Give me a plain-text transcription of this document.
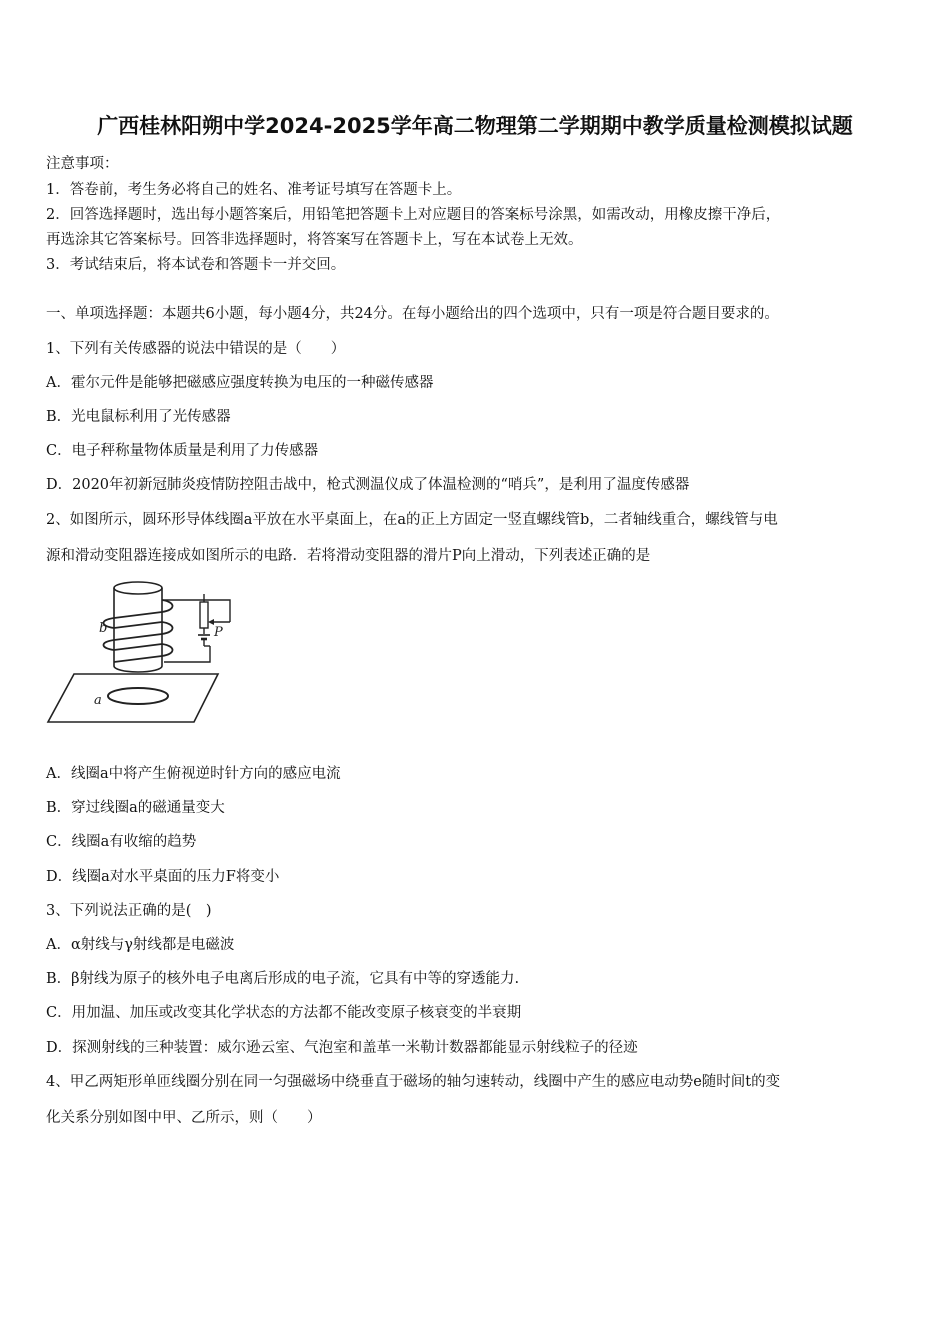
广西桂林阳朔中学2024-2025学年高二物理第二学期期中教学质量检测模拟试题
注意事项：
1．答卷前，考生务必将自己的姓名、准考证号填写在答题卡上。
2．回答选择题时，选出每小题答案后，用铅笔把答题卡上对应题目的答案标号涂黑，如需改动，用橡皮擦干净后，
再选涂其它答案标号。回答非选择题时，将答案写在答题卡上，写在本试卷上无效。
3．考试结束后，将本试卷和答题卡一并交回。
一、单项选择题：本题共6小题，每小题4分，共24分。在每小题给出的四个选项中，只有一项是符合题目要求的。
1、下列有关传感器的说法中错误的是（　　）
A．霍尔元件是能够把磁感应强度转换为电压的一种磁传感器
B．光电鼠标利用了光传感器
C．电子秤称量物体质量是利用了力传感器
D．2020年初新冠肺炎疫情防控阻击战中，枪式测温仪成了体温检测的“哨兵”，是利用了温度传感器
2、如图所示，圆环形导体线圈a平放在水平桌面上，在a的正上方固定一竖直螺线管b，二者轴线重合，螺线管与电
源和滑动变阻器连接成如图所示的电路．若将滑动变阻器的滑片P向上滑动，下列表述正确的是
b	P
a
A．线圈a中将产生俯视逆时针方向的感应电流
B．穿过线圈a的磁通量变大
C．线圈a有收缩的趋势
D．线圈a对水平桌面的压力F将变小
3、下列说法正确的是(　)
A．α射线与γ射线都是电磁波
B．β射线为原子的核外电子电离后形成的电子流，它具有中等的穿透能力.
C．用加温、加压或改变其化学状态的方法都不能改变原子核衰变的半衰期
D．探测射线的三种装置：威尔逊云室、气泡室和盖革一米勒计数器都能显示射线粒子的径迹
4、甲乙两矩形单匝线圈分别在同一匀强磁场中绕垂直于磁场的轴匀速转动，线圈中产生的感应电动势e随时间t的变
化关系分别如图中甲、乙所示，则（　　）
